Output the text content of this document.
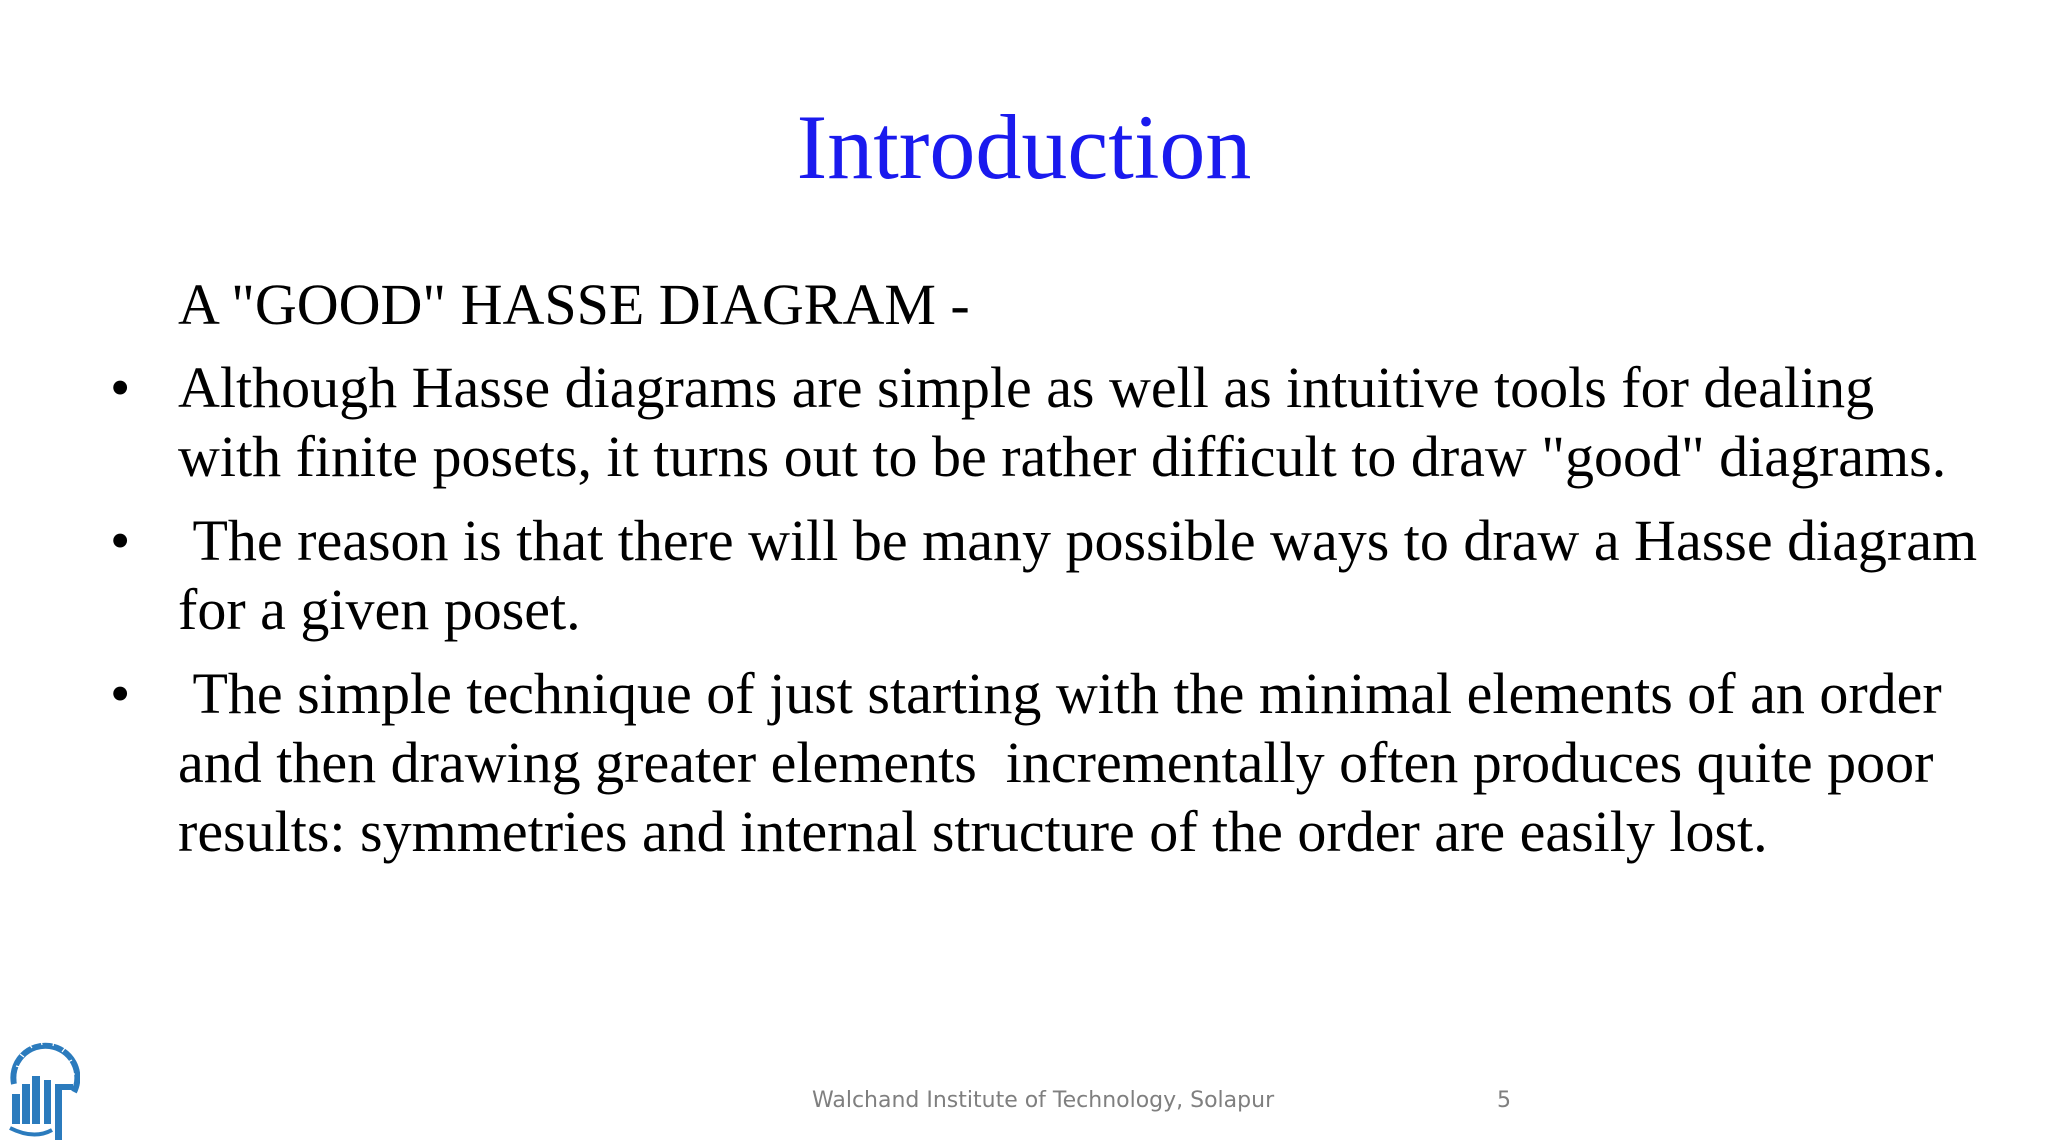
Introduction

A "GOOD" HASSE DIAGRAM -

• Although Hasse diagrams are simple as well as intuitive tools for dealing with finite posets, it turns out to be rather difficult to draw "good" diagrams.
• The reason is that there will be many possible ways to draw a Hasse diagram for a given poset.
• The simple technique of just starting with the minimal elements of an order and then drawing greater elements  incrementally often produces quite poor results: symmetries and internal structure of the order are easily lost.
Walchand Institute of Technology, Solapur	5
